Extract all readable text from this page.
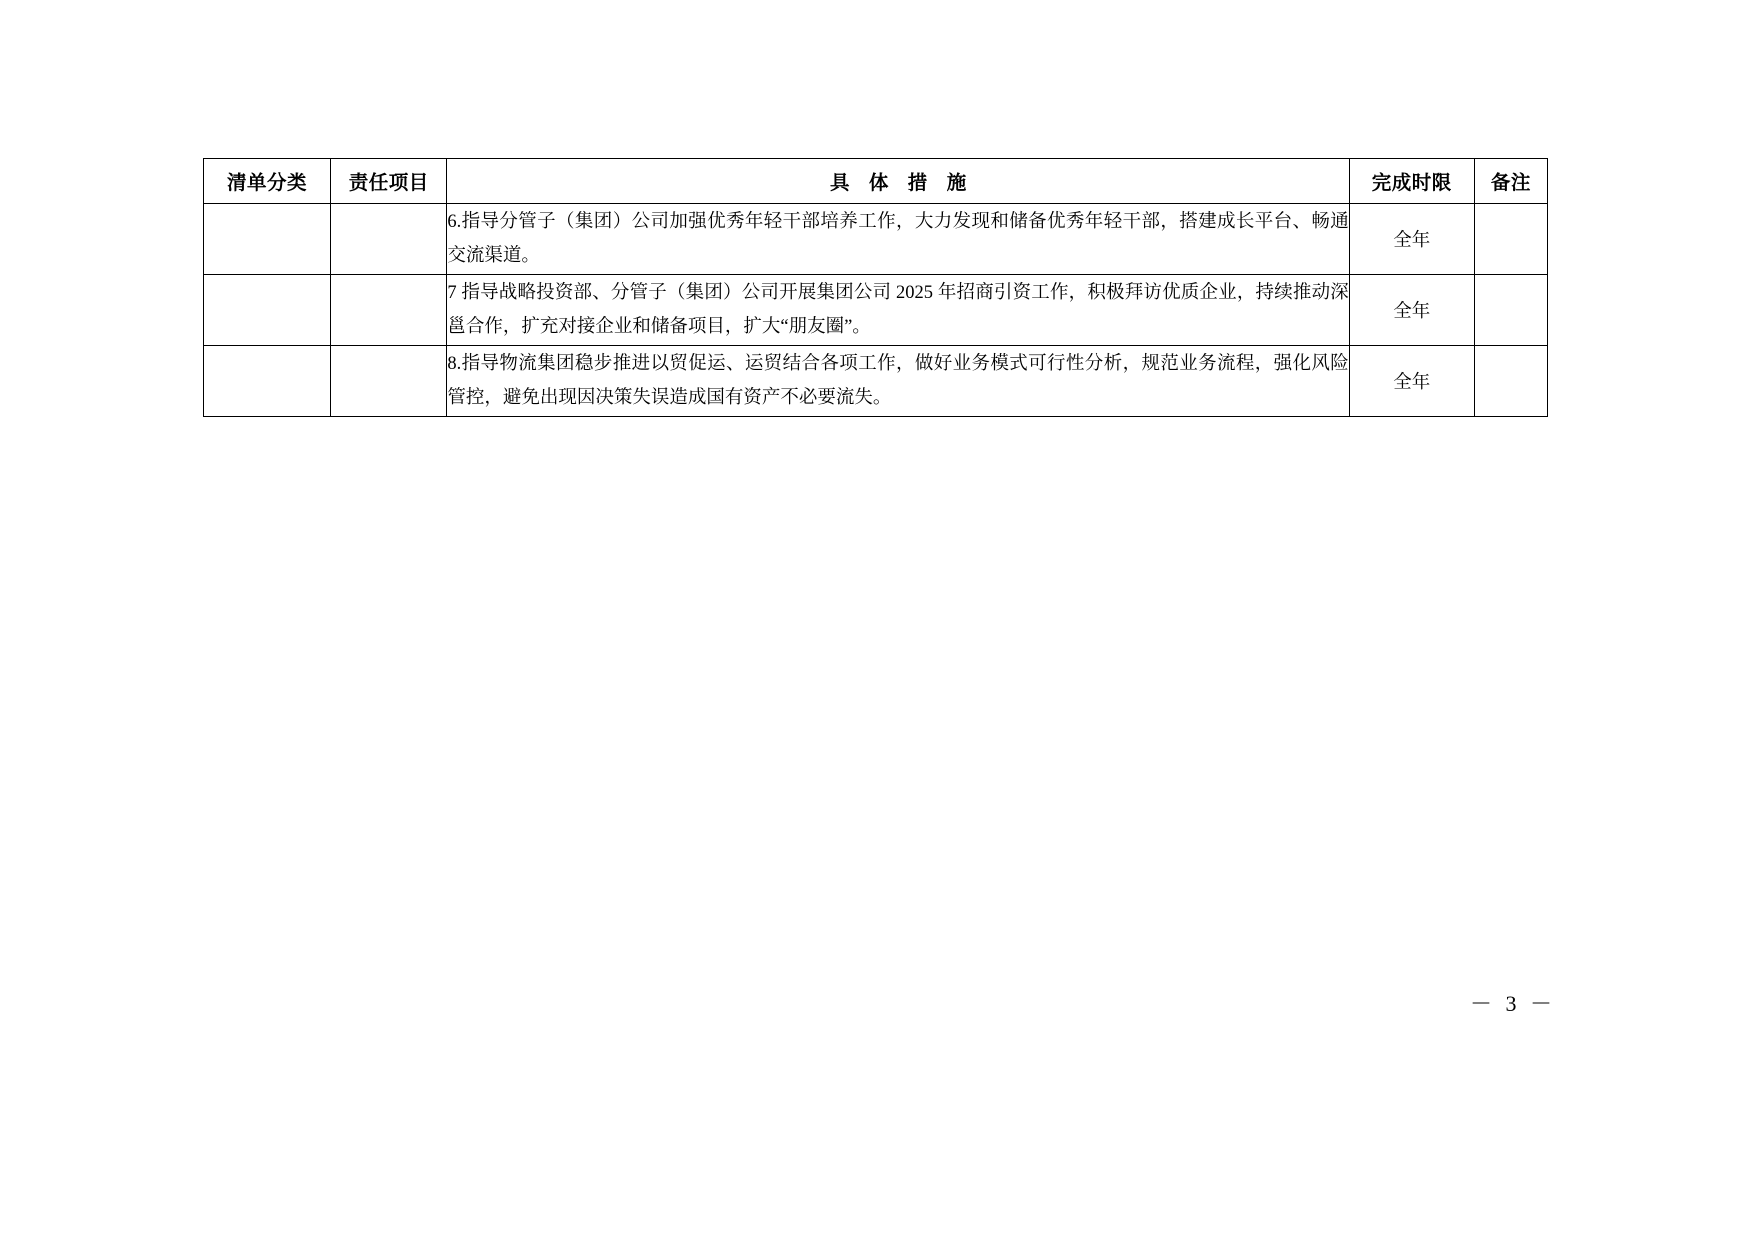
清单分类	责任项目	具 体 措 施	完成时限	备注
		6.指导分管子（集团）公司加强优秀年轻干部培养工作，大力发现和储备优秀年轻干部，搭建成长平台、畅通交流渠道。	全年	
		7 指导战略投资部、分管子（集团）公司开展集团公司 2025 年招商引资工作，积极拜访优质企业，持续推动深邕合作，扩充对接企业和储备项目，扩大“朋友圈”。	全年	
		8.指导物流集团稳步推进以贸促运、运贸结合各项工作，做好业务模式可行性分析，规范业务流程，强化风险管控，避免出现因决策失误造成国有资产不必要流失。	全年	
－ 3 －
